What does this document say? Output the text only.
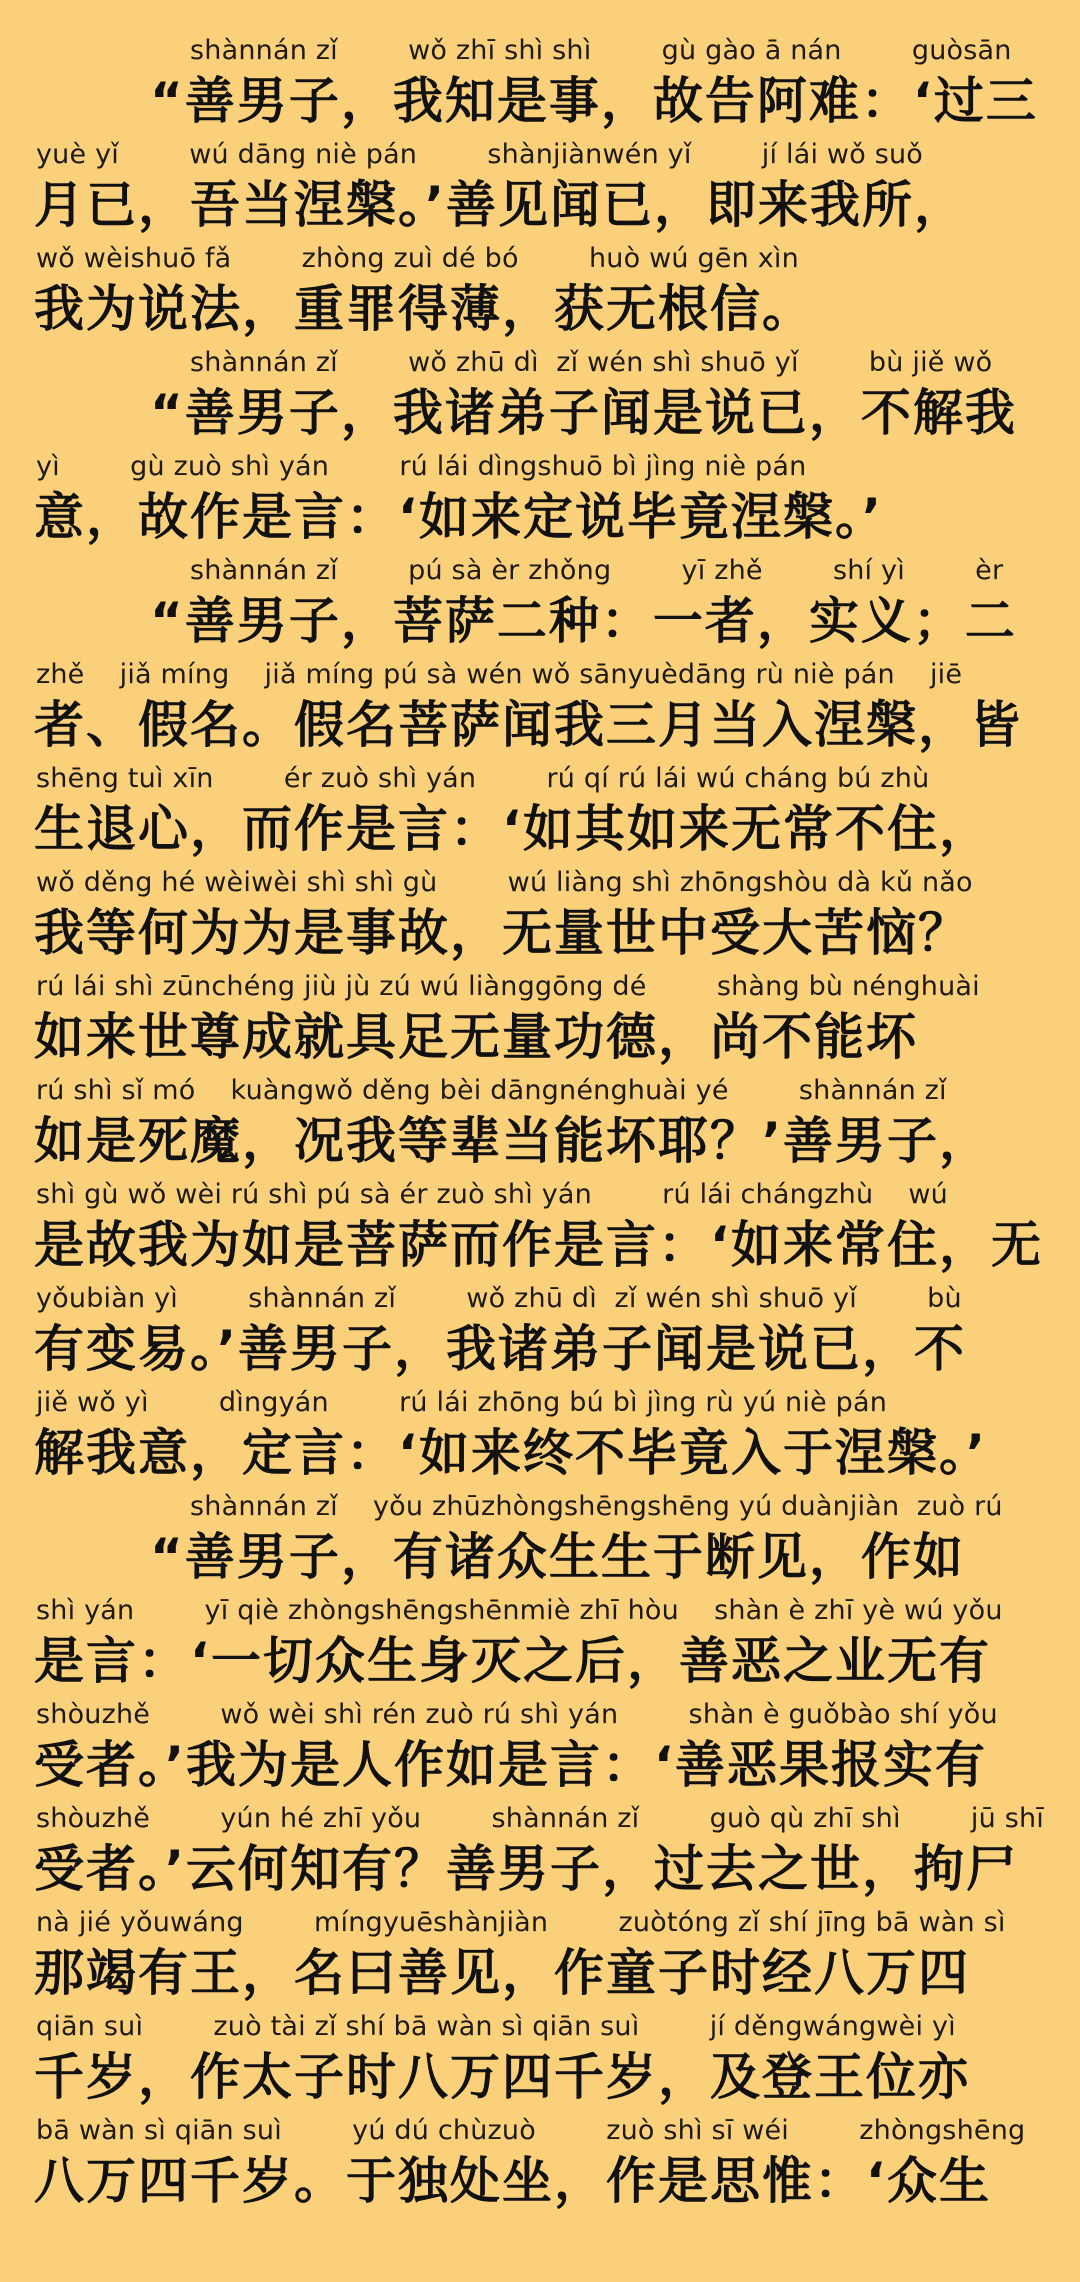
shànnán zǐ        wǒ zhī shì shì        gù gào ā nán        guòsān
“善男子，我知是事，故告阿难：‘过三
yuè yǐ        wú dāng niè pán        shànjiànwén yǐ        jí lái wǒ suǒ
月已，吾当涅槃。’善见闻已，即来我所，
wǒ wèishuō fǎ        zhòng zuì dé bó        huò wú gēn xìn
我为说法，重罪得薄，获无根信。
shànnán zǐ        wǒ zhū dì  zǐ wén shì shuō yǐ        bù jiě wǒ
“善男子，我诸弟子闻是说已，不解我
yì        gù zuò shì yán        rú lái dìngshuō bì jìng niè pán
意，故作是言：‘如来定说毕竟涅槃。’
shànnán zǐ        pú sà èr zhǒng        yī zhě        shí yì        èr
“善男子，菩萨二种：一者，实义；二
zhě    jiǎ míng    jiǎ míng pú sà wén wǒ sānyuèdāng rù niè pán    jiē
者、假名。假名菩萨闻我三月当入涅槃，皆
shēng tuì xīn        ér zuò shì yán        rú qí rú lái wú cháng bú zhù
生退心，而作是言：‘如其如来无常不住，
wǒ děng hé wèiwèi shì shì gù        wú liàng shì zhōngshòu dà kǔ nǎo
我等何为为是事故，无量世中受大苦恼？
rú lái shì zūnchéng jiù jù zú wú liànggōng dé        shàng bù nénghuài
如来世尊成就具足无量功德，尚不能坏
rú shì sǐ mó    kuàngwǒ děng bèi dāngnénghuài yé        shànnán zǐ
如是死魔，况我等辈当能坏耶？’善男子，
shì gù wǒ wèi rú shì pú sà ér zuò shì yán        rú lái chángzhù    wú
是故我为如是菩萨而作是言：‘如来常住，无
yǒubiàn yì        shànnán zǐ        wǒ zhū dì  zǐ wén shì shuō yǐ        bù
有变易。’善男子，我诸弟子闻是说已，不
jiě wǒ yì        dìngyán        rú lái zhōng bú bì jìng rù yú niè pán
解我意，定言：‘如来终不毕竟入于涅槃。’
shànnán zǐ    yǒu zhūzhòngshēngshēng yú duànjiàn  zuò rú
“善男子，有诸众生生于断见，作如
shì yán        yī qiè zhòngshēngshēnmiè zhī hòu    shàn è zhī yè wú yǒu
是言：‘一切众生身灭之后，善恶之业无有
shòuzhě        wǒ wèi shì rén zuò rú shì yán        shàn è guǒbào shí yǒu
受者。’我为是人作如是言：‘善恶果报实有
shòuzhě        yún hé zhī yǒu        shànnán zǐ        guò qù zhī shì        jū shī
受者。’云何知有？善男子，过去之世，拘尸
nà jié yǒuwáng        míngyuēshànjiàn        zuòtóng zǐ shí jīng bā wàn sì
那竭有王，名曰善见，作童子时经八万四
qiān suì        zuò tài zǐ shí bā wàn sì qiān suì        jí děngwángwèi yì
千岁，作太子时八万四千岁，及登王位亦
bā wàn sì qiān suì        yú dú chùzuò        zuò shì sī wéi        zhòngshēng
八万四千岁。于独处坐，作是思惟：‘众生
